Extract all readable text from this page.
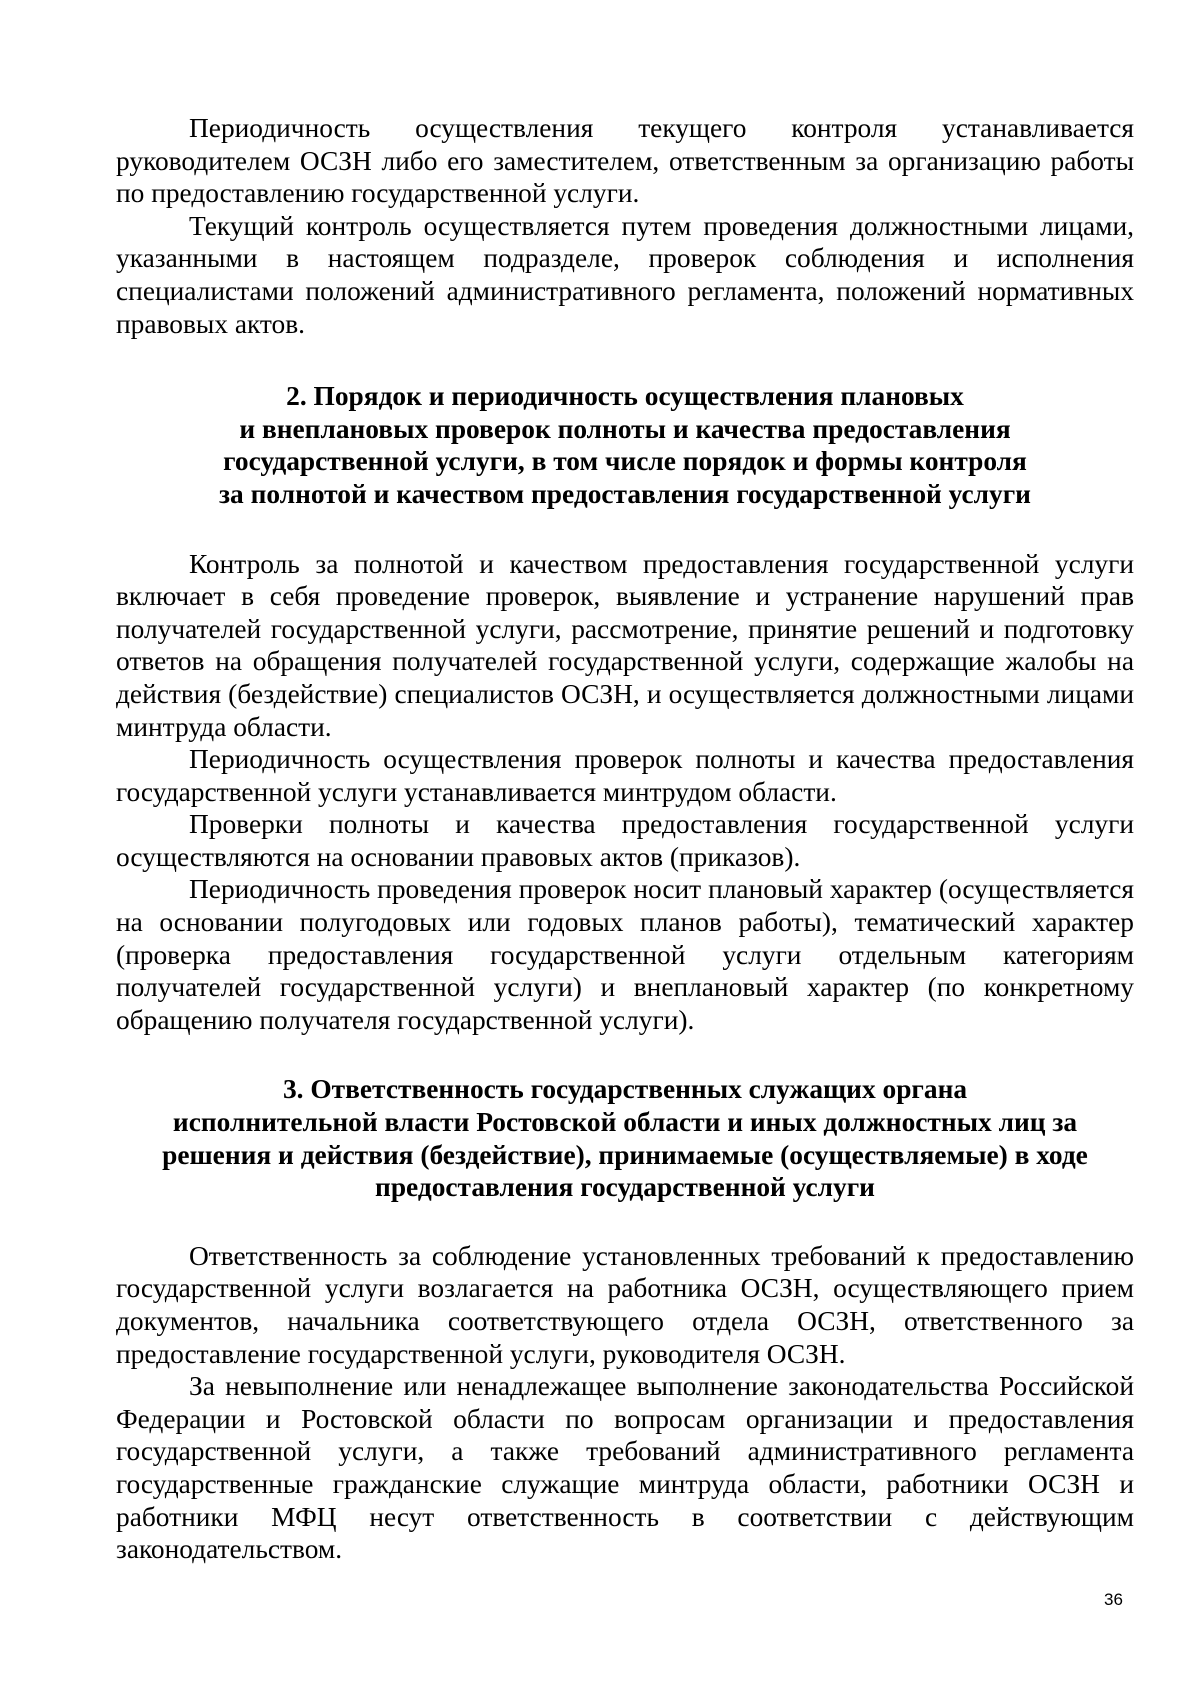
Периодичность осуществления текущего контроля устанавливается руководителем ОСЗН либо его заместителем, ответственным за организацию работы по предоставлению государственной услуги.

Текущий контроль осуществляется путем проведения должностными лицами, указанными в настоящем подразделе, проверок соблюдения и исполнения специалистами положений административного регламента, положений нормативных правовых актов.

2. Порядок и периодичность осуществления плановых
и внеплановых проверок полноты и качества предоставления
государственной услуги, в том числе порядок и формы контроля
за полнотой и качеством предоставления государственной услуги

Контроль за полнотой и качеством предоставления государственной услуги включает в себя проведение проверок, выявление и устранение нарушений прав получателей государственной услуги, рассмотрение, принятие решений и подготовку ответов на обращения получателей государственной услуги, содержащие жалобы на действия (бездействие) специалистов ОСЗН, и осуществляется должностными лицами минтруда области.

Периодичность осуществления проверок полноты и качества предоставления государственной услуги устанавливается минтрудом области.

Проверки полноты и качества предоставления государственной услуги осуществляются на основании правовых актов (приказов).

Периодичность проведения проверок носит плановый характер (осуществляется на основании полугодовых или годовых планов работы), тематический характер (проверка предоставления государственной услуги отдельным категориям получателей государственной услуги) и внеплановый характер (по конкретному обращению получателя государственной услуги).

3. Ответственность государственных служащих органа
исполнительной власти Ростовской области и иных должностных лиц за
решения и действия (бездействие), принимаемые (осуществляемые) в ходе
предоставления государственной услуги

Ответственность за соблюдение установленных требований к предоставлению государственной услуги возлагается на работника ОСЗН, осуществляющего прием документов, начальника соответствующего отдела ОСЗН, ответственного за предоставление государственной услуги, руководителя ОСЗН.

За невыполнение или ненадлежащее выполнение законодательства Российской Федерации и Ростовской области по вопросам организации и предоставления государственной услуги, а также требований административного регламента государственные гражданские служащие минтруда области, работники ОСЗН и работники МФЦ несут ответственность в соответствии с действующим законодательством.

36
